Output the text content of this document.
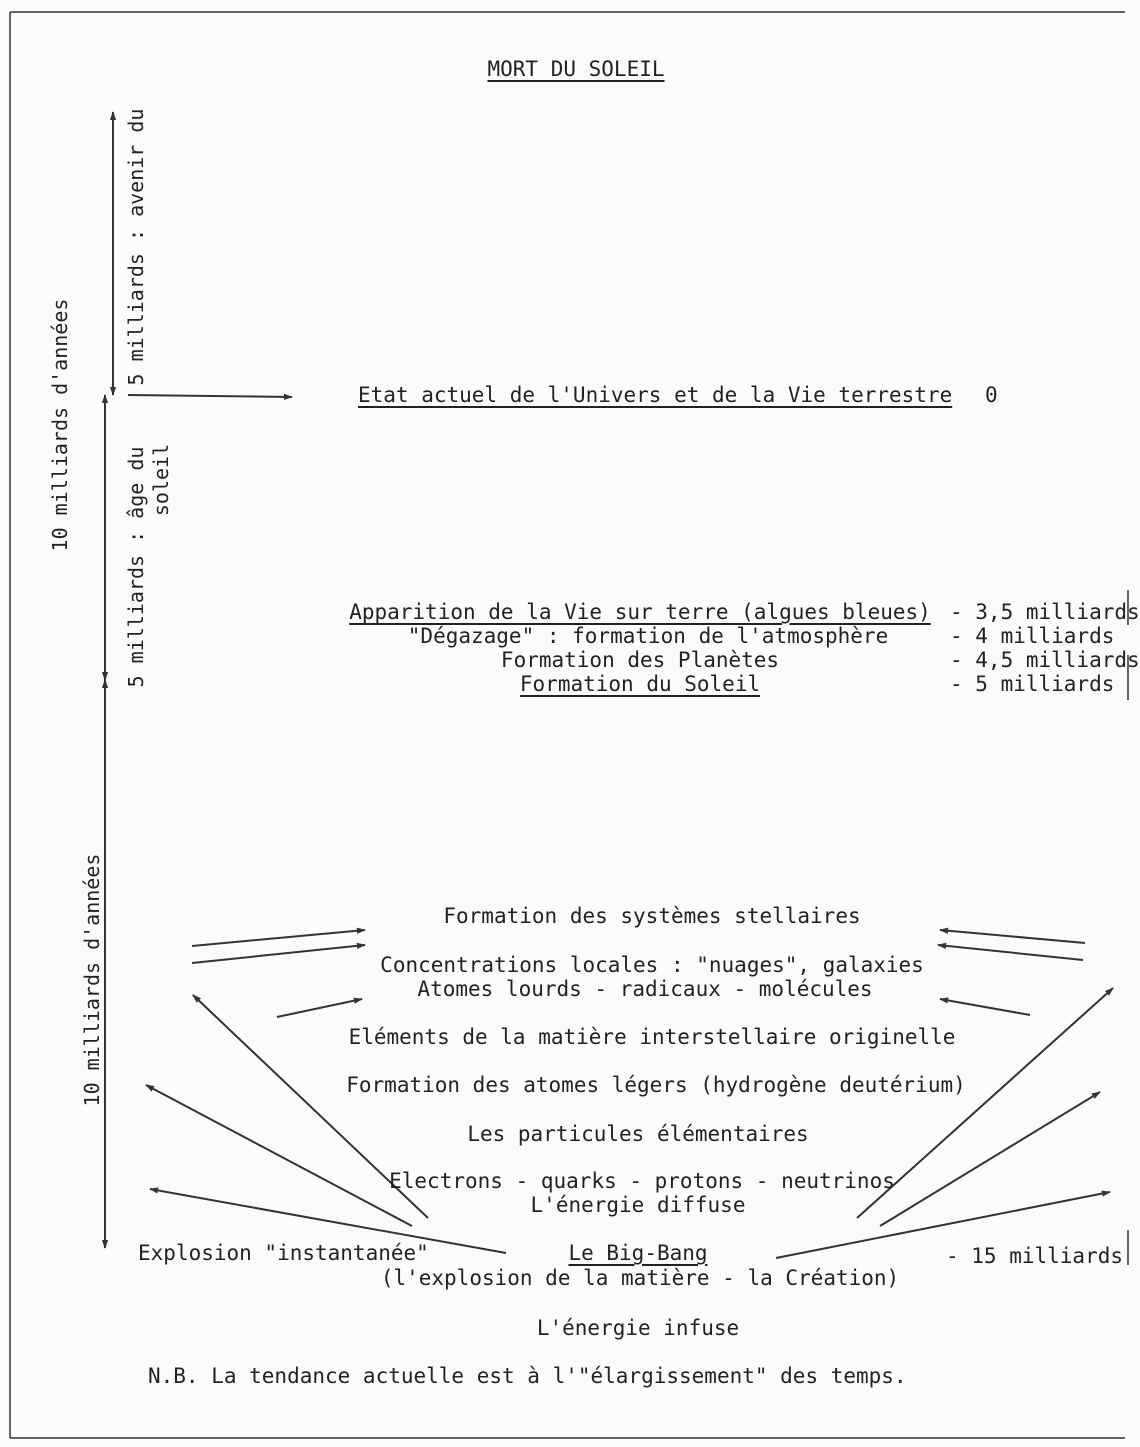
MORT DU SOLEIL
10 milliards d'années
10 milliards d'années
5 milliards : avenir du
5 milliards : âge du soleil
Etat actuel de l'Univers et de la Vie terrestre 0
Apparition de la Vie sur terre (algues bleues) - 3,5 milliards
"Dégazage" : formation de l'atmosphère	- 4 milliards
Formation des Planètes	- 4,5 milliards
Formation du Soleil	- 5 milliards
Formation des systèmes stellaires
Concentrations locales : "nuages", galaxies
Atomes lourds - radicaux - molécules
Eléments de la matière interstellaire originelle
Formation des atomes légers (hydrogène deutérium)
Les particules élémentaires
Electrons - quarks - protons - neutrinos
L'énergie diffuse
Explosion "instantanée"	Le Big-Bang	- 15 milliards
(l'explosion de la matière - la Création)
L'énergie infuse
N.B. La tendance actuelle est à l'"élargissement" des temps.
